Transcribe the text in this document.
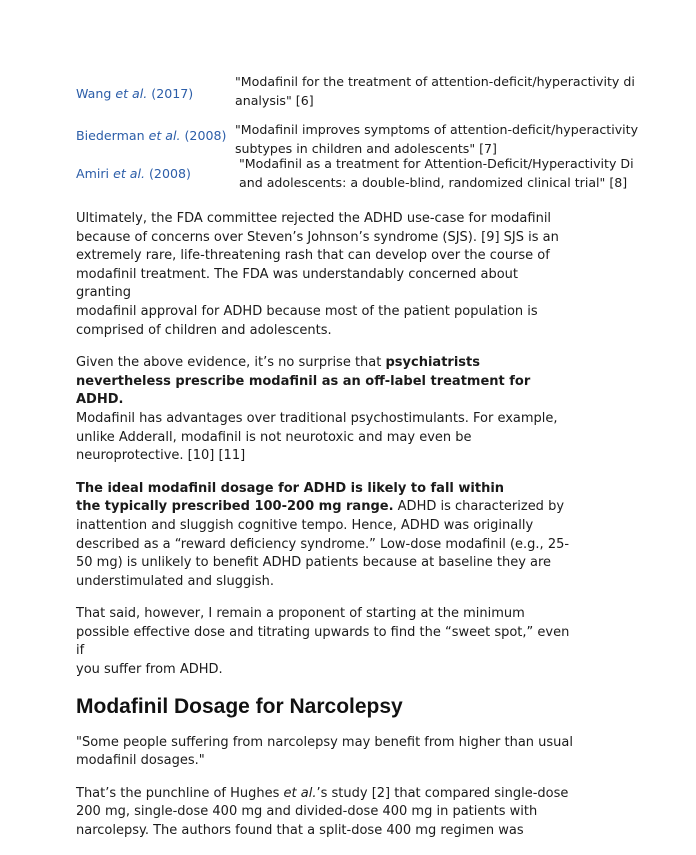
Wang et al. (2017)
"Modafinil for the treatment of attention-deficit/hyperactivity di
analysis" [6]
Biederman et al. (2008) "Modafinil improves symptoms of attention-deficit/hyperactivity
subtypes in children and adolescents" [7]
Amiri et al. (2008)
"Modafinil as a treatment for Attention-Deficit/Hyperactivity Di
and adolescents: a double-blind, randomized clinical trial" [8]

Ultimately, the FDA committee rejected the ADHD use-case for modafinil
because of concerns over Steven’s Johnson’s syndrome (SJS). [9] SJS is an
extremely rare, life-threatening rash that can develop over the course of
modafinil treatment. The FDA was understandably concerned about granting
modafinil approval for ADHD because most of the patient population is
comprised of children and adolescents.

Given the above evidence, it’s no surprise that psychiatrists
nevertheless prescribe modafinil as an off-label treatment for ADHD.
Modafinil has advantages over traditional psychostimulants. For example,
unlike Adderall, modafinil is not neurotoxic and may even be
neuroprotective. [10] [11]

The ideal modafinil dosage for ADHD is likely to fall within
the typically prescribed 100-200 mg range. ADHD is characterized by
inattention and sluggish cognitive tempo. Hence, ADHD was originally
described as a “reward deficiency syndrome.” Low-dose modafinil (e.g., 25-
50 mg) is unlikely to benefit ADHD patients because at baseline they are
understimulated and sluggish.

That said, however, I remain a proponent of starting at the minimum
possible effective dose and titrating upwards to find the “sweet spot,” even if
you suffer from ADHD.

Modafinil Dosage for Narcolepsy

"Some people suffering from narcolepsy may benefit from higher than usual
modafinil dosages."

That’s the punchline of Hughes et al.’s study [2] that compared single-dose
200 mg, single-dose 400 mg and divided-dose 400 mg in patients with
narcolepsy. The authors found that a split-dose 400 mg regimen was
